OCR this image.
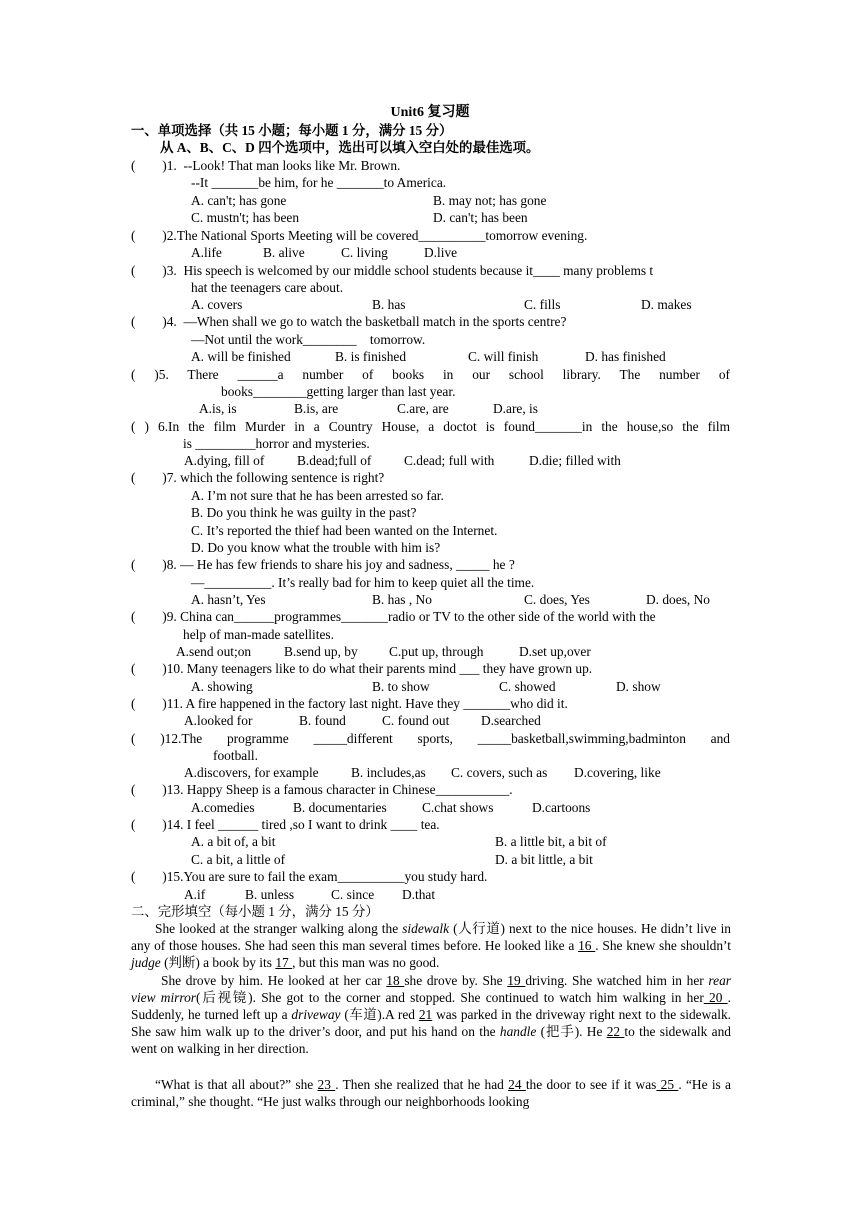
Unit6 复习题
一、单项选择（共 15 小题；每小题 1 分，满分 15 分）
从 A、B、C、D 四个选项中，选出可以填入空白处的最佳选项。
(        )1.  --Look! That man looks like Mr. Brown.
--It _______be him, for he _______to America.
A. can't; has gone	B. may not; has gone
C. mustn't; has been	D. can't; has been
(        )2.The National Sports Meeting will be covered__________tomorrow evening.
A.life	B. alive	C. living	D.live
(        )3.  His speech is welcomed by our middle school students because it____ many problems t
hat the teenagers care about.
A. covers	B. has	C. fills	D. makes
(        )4.  —When shall we go to watch the basketball match in the sports centre?
—Not until the work________    tomorrow.
A. will be finished	B. is finished	C. will finish	D. has finished
( )5. There ______a number of books in our school library. The number of
books________getting larger than last year.
A.is, is	B.is, are	C.are, are	D.are, is
( ) 6.In the film Murder in a Country House, a doctot is found_______in the house,so the film
is _________horror and mysteries.
A.dying, fill of B.dead;full of C.dead; full with	D.die; filled with
(        )7. which the following sentence is right?
A. I’m not sure that he has been arrested so far.
B. Do you think he was guilty in the past?
C. It’s reported the thief had been wanted on the Internet.
D. Do you know what the trouble with him is?
(        )8. — He has few friends to share his joy and sadness, _____ he ?
—__________. It’s really bad for him to keep quiet all the time.
A. hasn’t, Yes	B. has , No	C. does, Yes	D. does, No
(        )9. China can______programmes_______radio or TV to the other side of the world with the
help of man-made satellites.
A.send out;on B.send up, by C.put up, through	D.set up,over
(        )10. Many teenagers like to do what their parents mind ___ they have grown up.
A. showing	B. to show	C. showed	D. show
(        )11. A fire happened in the factory last night. Have they _______who did it.
A.looked for	B. found	C. found out D.searched
( )12.The programme _____different sports, _____basketball,swimming,badminton and
football.
A.discovers, for example B. includes,as C. covers, such as D.covering, like
(        )13. Happy Sheep is a famous character in Chinese___________.
A.comedies	B. documentaries	C.chat shows	D.cartoons
(        )14. I feel ______ tired ,so I want to drink ____ tea.
A. a bit of, a bit	B. a little bit, a bit of
C. a bit, a little of	D. a bit little, a bit
(        )15.You are sure to fail the exam__________you study hard.
A.if	B. unless	C. since D.that
二、完形填空（每小题 1 分，满分 15 分）
She looked at the stranger walking along the sidewalk (人行道) next to the nice houses. He didn’t live in any of those houses. She had seen this man several times before. He looked like a 16 . She knew she shouldn’t judge (判断) a book by its 17 , but this man was no good.
She drove by him. He looked at her car 18 she drove by. She 19 driving. She watched him in her rear view mirror(后视镜). She got to the corner and stopped. She continued to watch him walking in her 20 . Suddenly, he turned left up a driveway (车道).A red 21 was parked in the driveway right next to the sidewalk. She saw him walk up to the driver’s door, and put his hand on the handle (把手). He 22 to the sidewalk and went on walking in her direction.
“What is that all about?” she 23 . Then she realized that he had 24 the door to see if it was 25 . “He is a criminal,” she thought. “He just walks through our neighborhoods looking
